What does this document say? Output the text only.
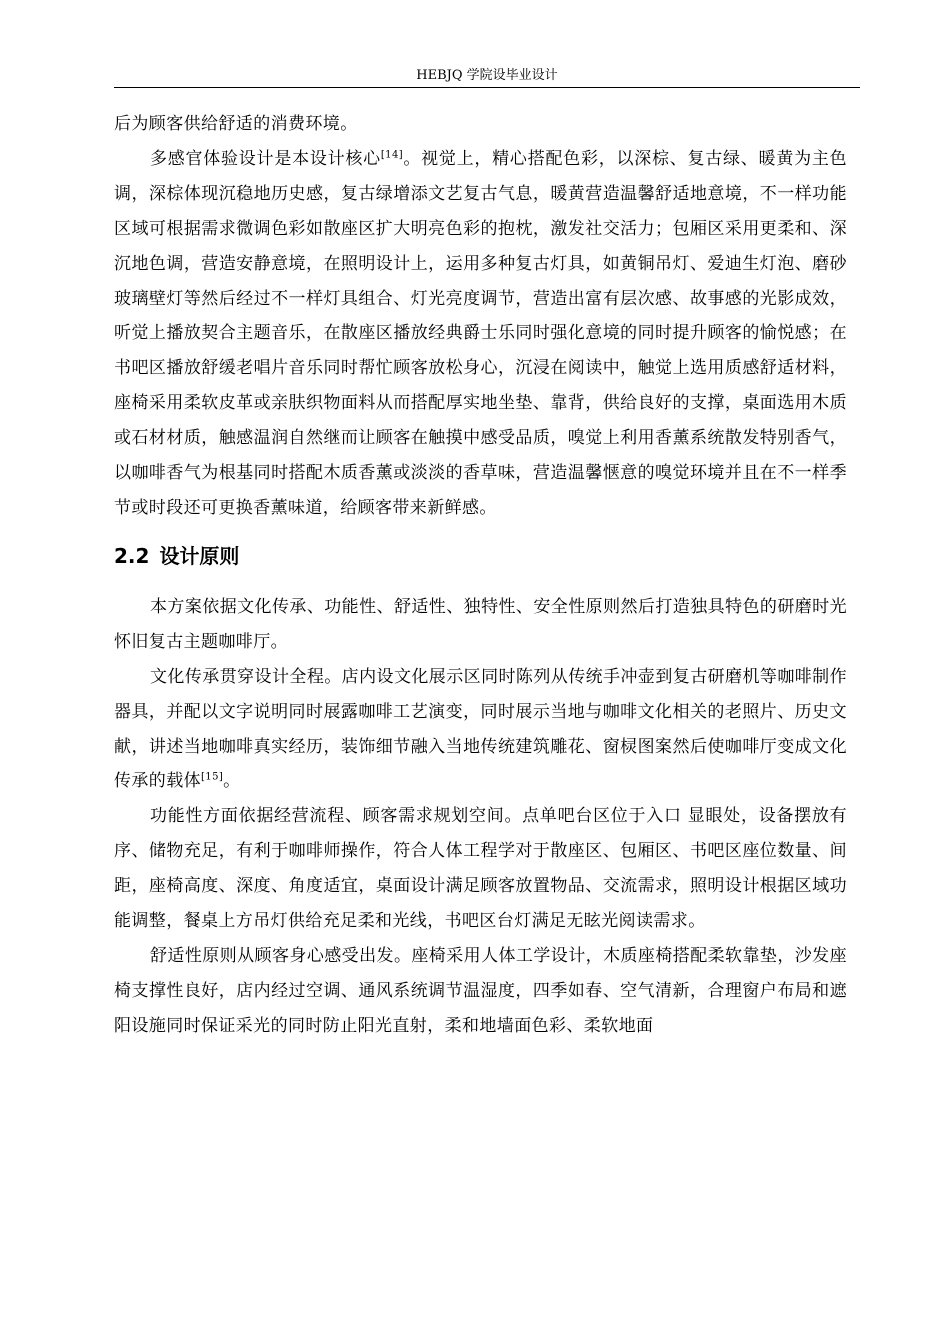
HEBJQ 学院设毕业设计

后为顾客供给舒适的消费环境。

多感官体验设计是本设计核心[14]。视觉上，精心搭配色彩，以深棕、复古绿、暖黄为主色调，深棕体现沉稳地历史感，复古绿增添文艺复古气息，暖黄营造温馨舒适地意境，不一样功能区域可根据需求微调色彩如散座区扩大明亮色彩的抱枕，激发社交活力；包厢区采用更柔和、深沉地色调，营造安静意境，在照明设计上，运用多种复古灯具，如黄铜吊灯、爱迪生灯泡、磨砂玻璃壁灯等然后经过不一样灯具组合、灯光亮度调节，营造出富有层次感、故事感的光影成效，听觉上播放契合主题音乐，在散座区播放经典爵士乐同时强化意境的同时提升顾客的愉悦感；在书吧区播放舒缓老唱片音乐同时帮忙顾客放松身心，沉浸在阅读中，触觉上选用质感舒适材料，座椅采用柔软皮革或亲肤织物面料从而搭配厚实地坐垫、靠背，供给良好的支撑，桌面选用木质或石材材质，触感温润自然继而让顾客在触摸中感受品质，嗅觉上利用香薰系统散发特别香气，以咖啡香气为根基同时搭配木质香薰或淡淡的香草味，营造温馨惬意的嗅觉环境并且在不一样季节或时段还可更换香薰味道，给顾客带来新鲜感。

2.2 设计原则

本方案依据文化传承、功能性、舒适性、独特性、安全性原则然后打造独具特色的研磨时光怀旧复古主题咖啡厅。

文化传承贯穿设计全程。店内设文化展示区同时陈列从传统手冲壶到复古研磨机等咖啡制作器具，并配以文字说明同时展露咖啡工艺演变，同时展示当地与咖啡文化相关的老照片、历史文献，讲述当地咖啡真实经历，装饰细节融入当地传统建筑雕花、窗棂图案然后使咖啡厅变成文化传承的载体[15]。

功能性方面依据经营流程、顾客需求规划空间。点单吧台区位于入口 显眼处，设备摆放有序、储物充足，有利于咖啡师操作，符合人体工程学对于散座区、包厢区、书吧区座位数量、间距，座椅高度、深度、角度适宜，桌面设计满足顾客放置物品、交流需求，照明设计根据区域功能调整，餐桌上方吊灯供给充足柔和光线，书吧区台灯满足无眩光阅读需求。

舒适性原则从顾客身心感受出发。座椅采用人体工学设计，木质座椅搭配柔软靠垫，沙发座椅支撑性良好，店内经过空调、通风系统调节温湿度，四季如春、空气清新，合理窗户布局和遮阳设施同时保证采光的同时防止阳光直射，柔和地墙面色彩、柔软地面
